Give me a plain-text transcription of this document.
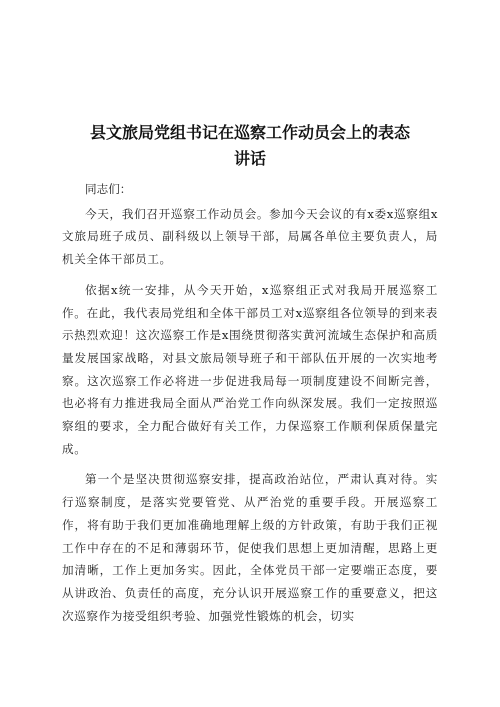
县文旅局党组书记在巡察工作动员会上的表态
讲话

同志们：

今天，我们召开巡察工作动员会。参加今天会议的有x委x巡察组x文旅局班子成员、副科级以上领导干部，局属各单位主要负责人，局机关全体干部员工。

依据x统一安排，从今天开始，x巡察组正式对我局开展巡察工作。在此，我代表局党组和全体干部员工对x巡察组各位领导的到来表示热烈欢迎！这次巡察工作是x围绕贯彻落实黄河流域生态保护和高质量发展国家战略，对县文旅局领导班子和干部队伍开展的一次实地考察。这次巡察工作必将进一步促进我局每一项制度建设不间断完善，也必将有力推进我局全面从严治党工作向纵深发展。我们一定按照巡察组的要求，全力配合做好有关工作，力保巡察工作顺利保质保量完成。

第一个是坚决贯彻巡察安排，提高政治站位，严肃认真对待。实行巡察制度，是落实党要管党、从严治党的重要手段。开展巡察工作，将有助于我们更加准确地理解上级的方针政策，有助于我们正视工作中存在的不足和薄弱环节，促使我们思想上更加清醒，思路上更加清晰，工作上更加务实。因此，全体党员干部一定要端正态度，要从讲政治、负责任的高度，充分认识开展巡察工作的重要意义，把这次巡察作为接受组织考验、加强党性锻炼的机会，切实
